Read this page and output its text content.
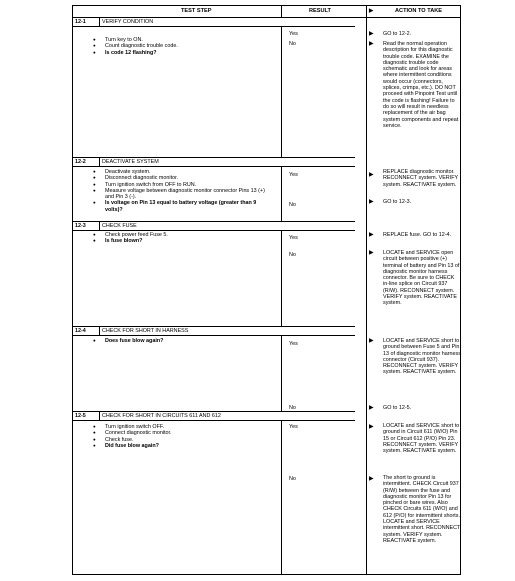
TEST STEP	RESULT	▶	ACTION TO TAKE
12-1	VERIFY CONDITION
● Turn key to ON.
● Count diagnostic trouble code.
● Is code 12 flashing?
Yes	▶ GO to 12-2.
No	▶ Read the normal operation description for this diagnostic trouble code. EXAMINE the diagnostic trouble code schematic and look for areas where intermittent conditions would occur (connectors, splices, crimps, etc.). DO NOT proceed with Pinpoint Test until the code is flashing! Failure to do so will result in needless replacement of the air bag system components and repeat service.
12-2	DEACTIVATE SYSTEM
● Deactivate system.
● Disconnect diagnostic monitor.
● Turn ignition switch from OFF to RUN.
● Measure voltage between diagnostic monitor connector Pins 13 (+) and Pin 3 (-).
● Is voltage on Pin 13 equal to battery voltage (greater than 9 volts)?
Yes	▶ REPLACE diagnostic monitor. RECONNECT system. VERIFY system. REACTIVATE system.
No	▶ GO to 12-3.
12-3	CHECK FUSE
● Check power feed Fuse 5.
● Is fuse blown?
Yes	▶ REPLACE fuse. GO to 12-4.
No	▶ LOCATE and SERVICE open circuit between positive (+) terminal of battery and Pin 13 of diagnostic monitor harness connector. Be sure to CHECK in-line splice on Circuit 937 (R/W). RECONNECT system. VERIFY system. REACTIVATE system.
12-4	CHECK FOR SHORT IN HARNESS
● Does fuse blow again?	Yes	▶ LOCATE and SERVICE short to ground between Fuse 5 and Pin 13 of diagnostic monitor harness connector (Circuit 937). RECONNECT system. VERIFY system. REACTIVATE system.
No	▶ GO to 12-5.
12-5	CHECK FOR SHORT IN CIRCUITS 611 AND 612
● Turn ignition switch OFF.
● Connect diagnostic monitor.
● Check fuse.
● Did fuse blow again?
Yes	▶ LOCATE and SERVICE short to ground in Circuit 611 (W/O) Pin 15 or Circuit 612 (P/O) Pin 23. RECONNECT system. VERIFY system. REACTIVATE system.
No	▶ The short to ground is intermittent. CHECK Circuit 937 (R/W) between the fuse and diagnostic monitor Pin 13 for pinched or bare wires. Also CHECK Circuits 611 (W/O) and 612 (P/O) for intermittent shorts. LOCATE and SERVICE intermittent short. RECONNECT system. VERIFY system. REACTIVATE system.
